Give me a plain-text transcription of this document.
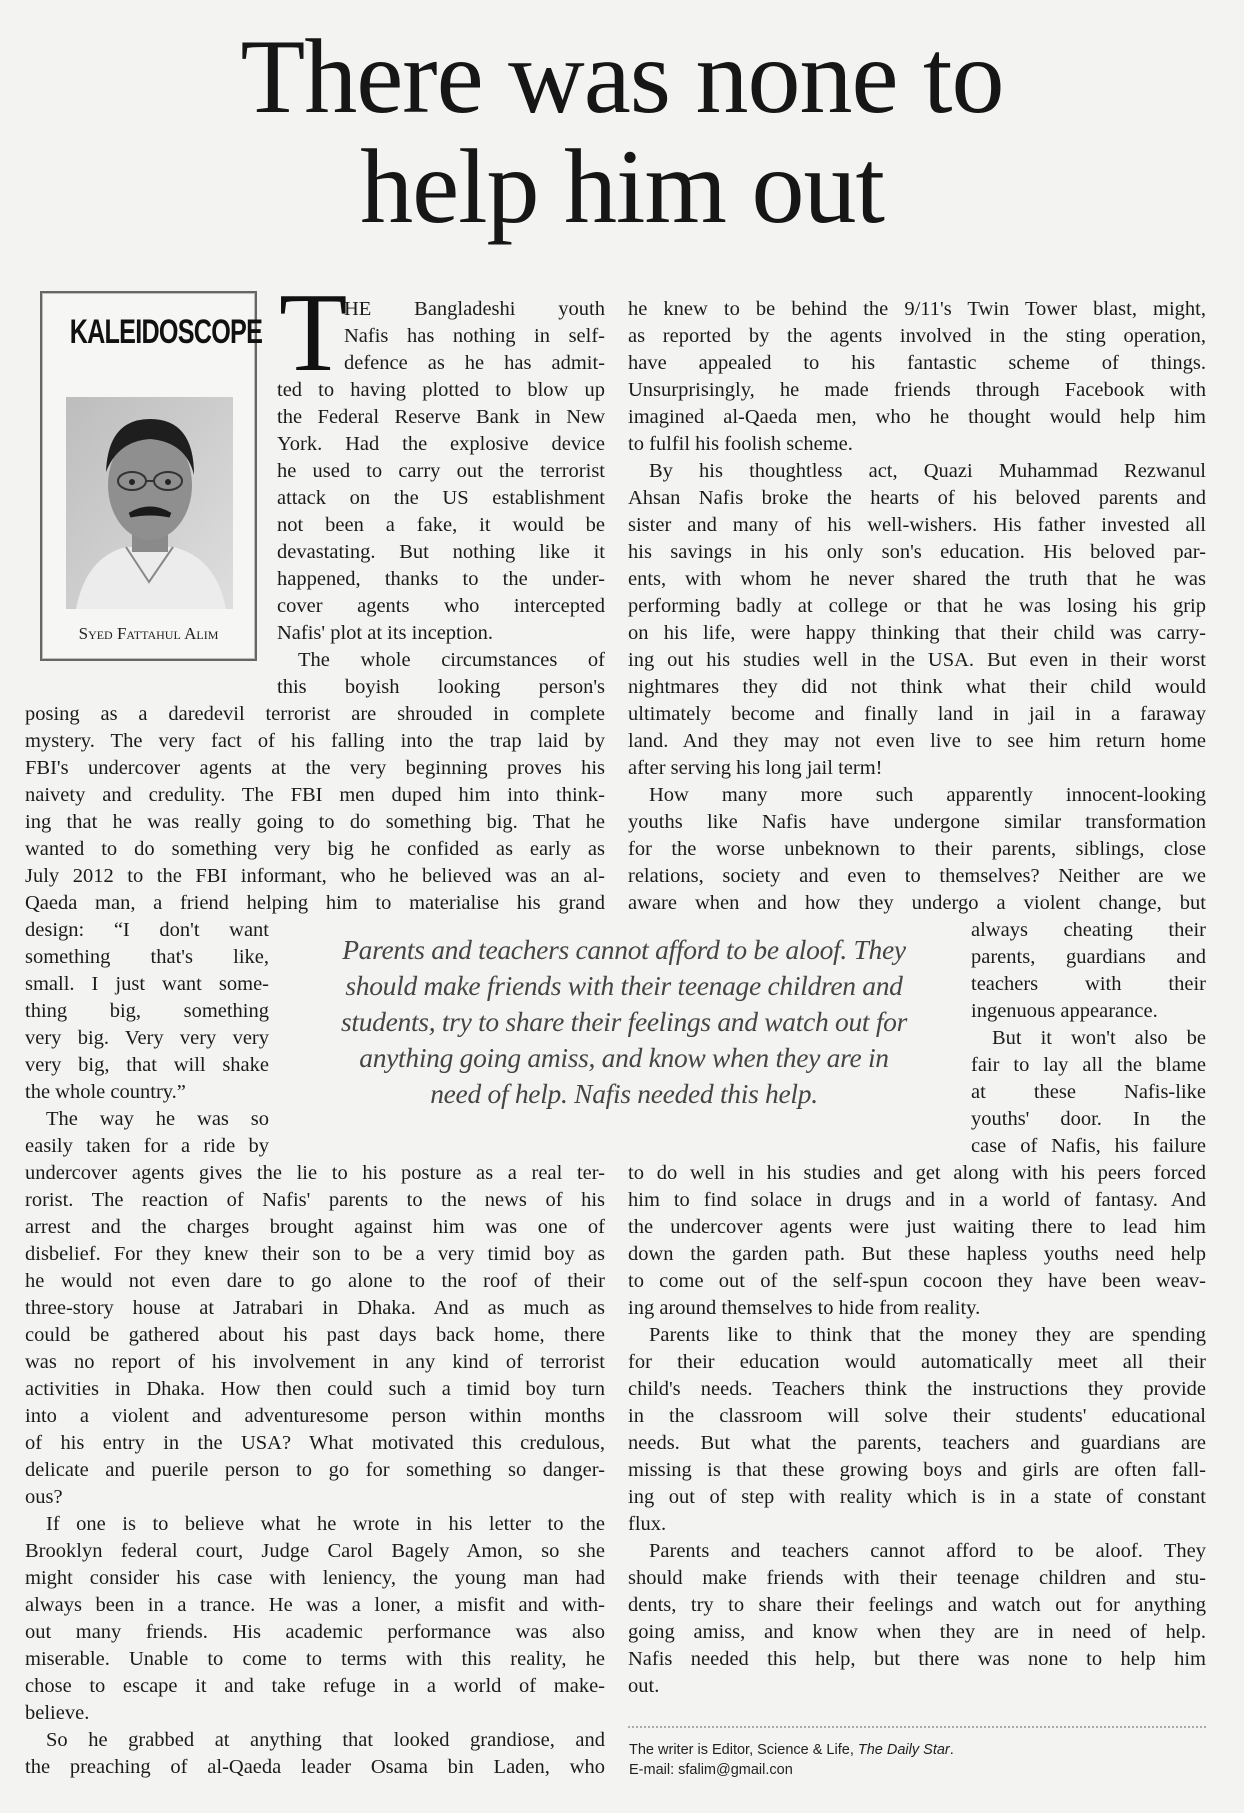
There was none to
help him out
KALEIDOSCOPE
Syed Fattahul Alim
T
HE Bangladeshi youth
Nafis has nothing in self-
defence as he has admit-
ted to having plotted to blow up
the Federal Reserve Bank in New
York. Had the explosive device
he used to carry out the terrorist
attack on the US establishment
not been a fake, it would be
devastating. But nothing like it
happened, thanks to the under-
cover agents who intercepted
Nafis' plot at its inception.
The whole circumstances of
this boyish looking person's
posing as a daredevil terrorist are shrouded in complete
mystery. The very fact of his falling into the trap laid by
FBI's undercover agents at the very beginning proves his
naivety and credulity. The FBI men duped him into think-
ing that he was really going to do something big. That he
wanted to do something very big he confided as early as
July 2012 to the FBI informant, who he believed was an al-
Qaeda man, a friend helping him to materialise his grand
design: “I don't want
something that's like,
small. I just want some-
thing big, something
very big. Very very very
very big, that will shake
the whole country.”
The way he was so
easily taken for a ride by
undercover agents gives the lie to his posture as a real ter-
rorist. The reaction of Nafis' parents to the news of his
arrest and the charges brought against him was one of
disbelief. For they knew their son to be a very timid boy as
he would not even dare to go alone to the roof of their
three-story house at Jatrabari in Dhaka. And as much as
could be gathered about his past days back home, there
was no report of his involvement in any kind of terrorist
activities in Dhaka. How then could such a timid boy turn
into a violent and adventuresome person within months
of his entry in the USA? What motivated this credulous,
delicate and puerile person to go for something so danger-
ous?
If one is to believe what he wrote in his letter to the
Brooklyn federal court, Judge Carol Bagely Amon, so she
might consider his case with leniency, the young man had
always been in a trance. He was a loner, a misfit and with-
out many friends. His academic performance was also
miserable. Unable to come to terms with this reality, he
chose to escape it and take refuge in a world of make-
believe.
So he grabbed at anything that looked grandiose, and
the preaching of al-Qaeda leader Osama bin Laden, who
he knew to be behind the 9/11's Twin Tower blast, might,
as reported by the agents involved in the sting operation,
have appealed to his fantastic scheme of things.
Unsurprisingly, he made friends through Facebook with
imagined al-Qaeda men, who he thought would help him
to fulfil his foolish scheme.
By his thoughtless act, Quazi Muhammad Rezwanul
Ahsan Nafis broke the hearts of his beloved parents and
sister and many of his well-wishers. His father invested all
his savings in his only son's education. His beloved par-
ents, with whom he never shared the truth that he was
performing badly at college or that he was losing his grip
on his life, were happy thinking that their child was carry-
ing out his studies well in the USA. But even in their worst
nightmares they did not think what their child would
ultimately become and finally land in jail in a faraway
land. And they may not even live to see him return home
after serving his long jail term!
How many more such apparently innocent-looking
youths like Nafis have undergone similar transformation
for the worse unbeknown to their parents, siblings, close
relations, society and even to themselves? Neither are we
aware when and how they undergo a violent change, but
always cheating their
parents, guardians and
teachers with their
ingenuous appearance.
But it won't also be
fair to lay all the blame
at these Nafis-like
youths' door. In the
case of Nafis, his failure
to do well in his studies and get along with his peers forced
him to find solace in drugs and in a world of fantasy. And
the undercover agents were just waiting there to lead him
down the garden path. But these hapless youths need help
to come out of the self-spun cocoon they have been weav-
ing around themselves to hide from reality.
Parents like to think that the money they are spending
for their education would automatically meet all their
child's needs. Teachers think the instructions they provide
in the classroom will solve their students' educational
needs. But what the parents, teachers and guardians are
missing is that these growing boys and girls are often fall-
ing out of step with reality which is in a state of constant
flux.
Parents and teachers cannot afford to be aloof. They
should make friends with their teenage children and stu-
dents, try to share their feelings and watch out for anything
going amiss, and know when they are in need of help.
Nafis needed this help, but there was none to help him
out.
Parents and teachers cannot afford to be aloof. They
should make friends with their teenage children and
students, try to share their feelings and watch out for
anything going amiss, and know when they are in
need of help. Nafis needed this help.
The writer is Editor, Science & Life, The Daily Star.
E-mail: sfalim@gmail.con
